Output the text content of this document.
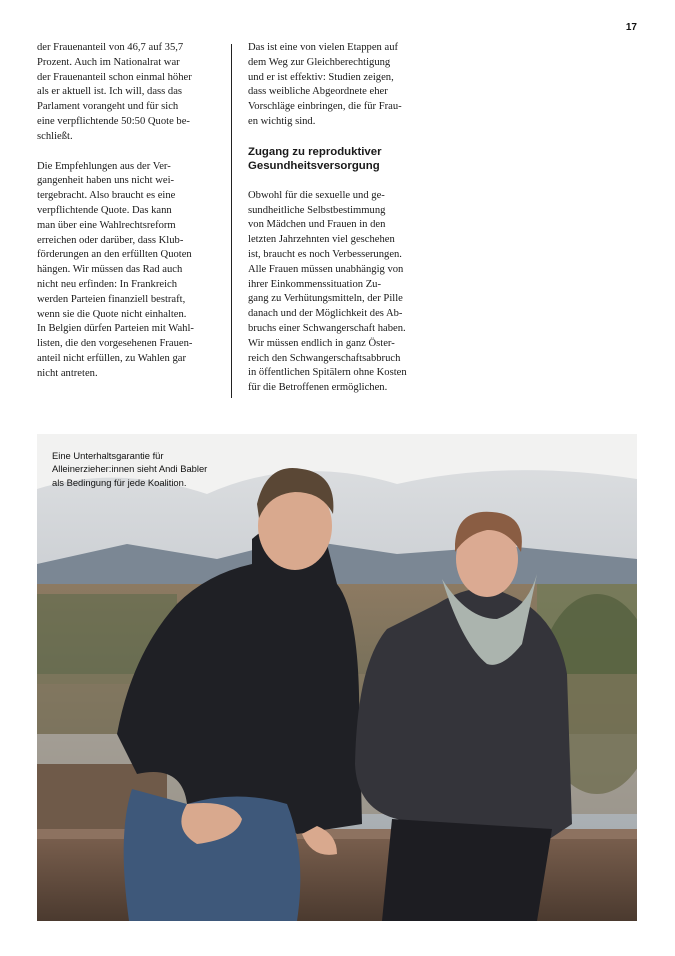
17

der Frauenanteil von 46,7 auf 35,7
Prozent. Auch im Nationalrat war
der Frauenanteil schon einmal höher
als er aktuell ist. Ich will, dass das
Parlament vorangeht und für sich
eine verpflichtende 50:50 Quote be-
schließt.

Die Empfehlungen aus der Ver-
gangenheit haben uns nicht wei-
tergebracht. Also braucht es eine
verpflichtende Quote. Das kann
man über eine Wahlrechtsreform
erreichen oder darüber, dass Klub-
förderungen an den erfüllten Quoten
hängen. Wir müssen das Rad auch
nicht neu erfinden: In Frankreich
werden Parteien finanziell bestraft,
wenn sie die Quote nicht einhalten.
In Belgien dürfen Parteien mit Wahl-
listen, die den vorgesehenen Frauen-
anteil nicht erfüllen, zu Wahlen gar
nicht antreten.

Das ist eine von vielen Etappen auf
dem Weg zur Gleichberechtigung
und er ist effektiv: Studien zeigen,
dass weibliche Abgeordnete eher
Vorschläge einbringen, die für Frau-
en wichtig sind.

Zugang zu reproduktiver
Gesundheitsversorgung

Obwohl für die sexuelle und ge-
sundheitliche Selbstbestimmung
von Mädchen und Frauen in den
letzten Jahrzehnten viel geschehen
ist, braucht es noch Verbesserungen.
Alle Frauen müssen unabhängig von
ihrer Einkommenssituation Zu-
gang zu Verhütungsmitteln, der Pille
danach und der Möglichkeit des Ab-
bruchs einer Schwangerschaft haben.
Wir müssen endlich in ganz Öster-
reich den Schwangerschaftsabbruch
in öffentlichen Spitälern ohne Kosten
für die Betroffenen ermöglichen.

Eine Unterhaltsgarantie für
Alleinerzieher:innen sieht Andi Babler
als Bedingung für jede Koalition.
